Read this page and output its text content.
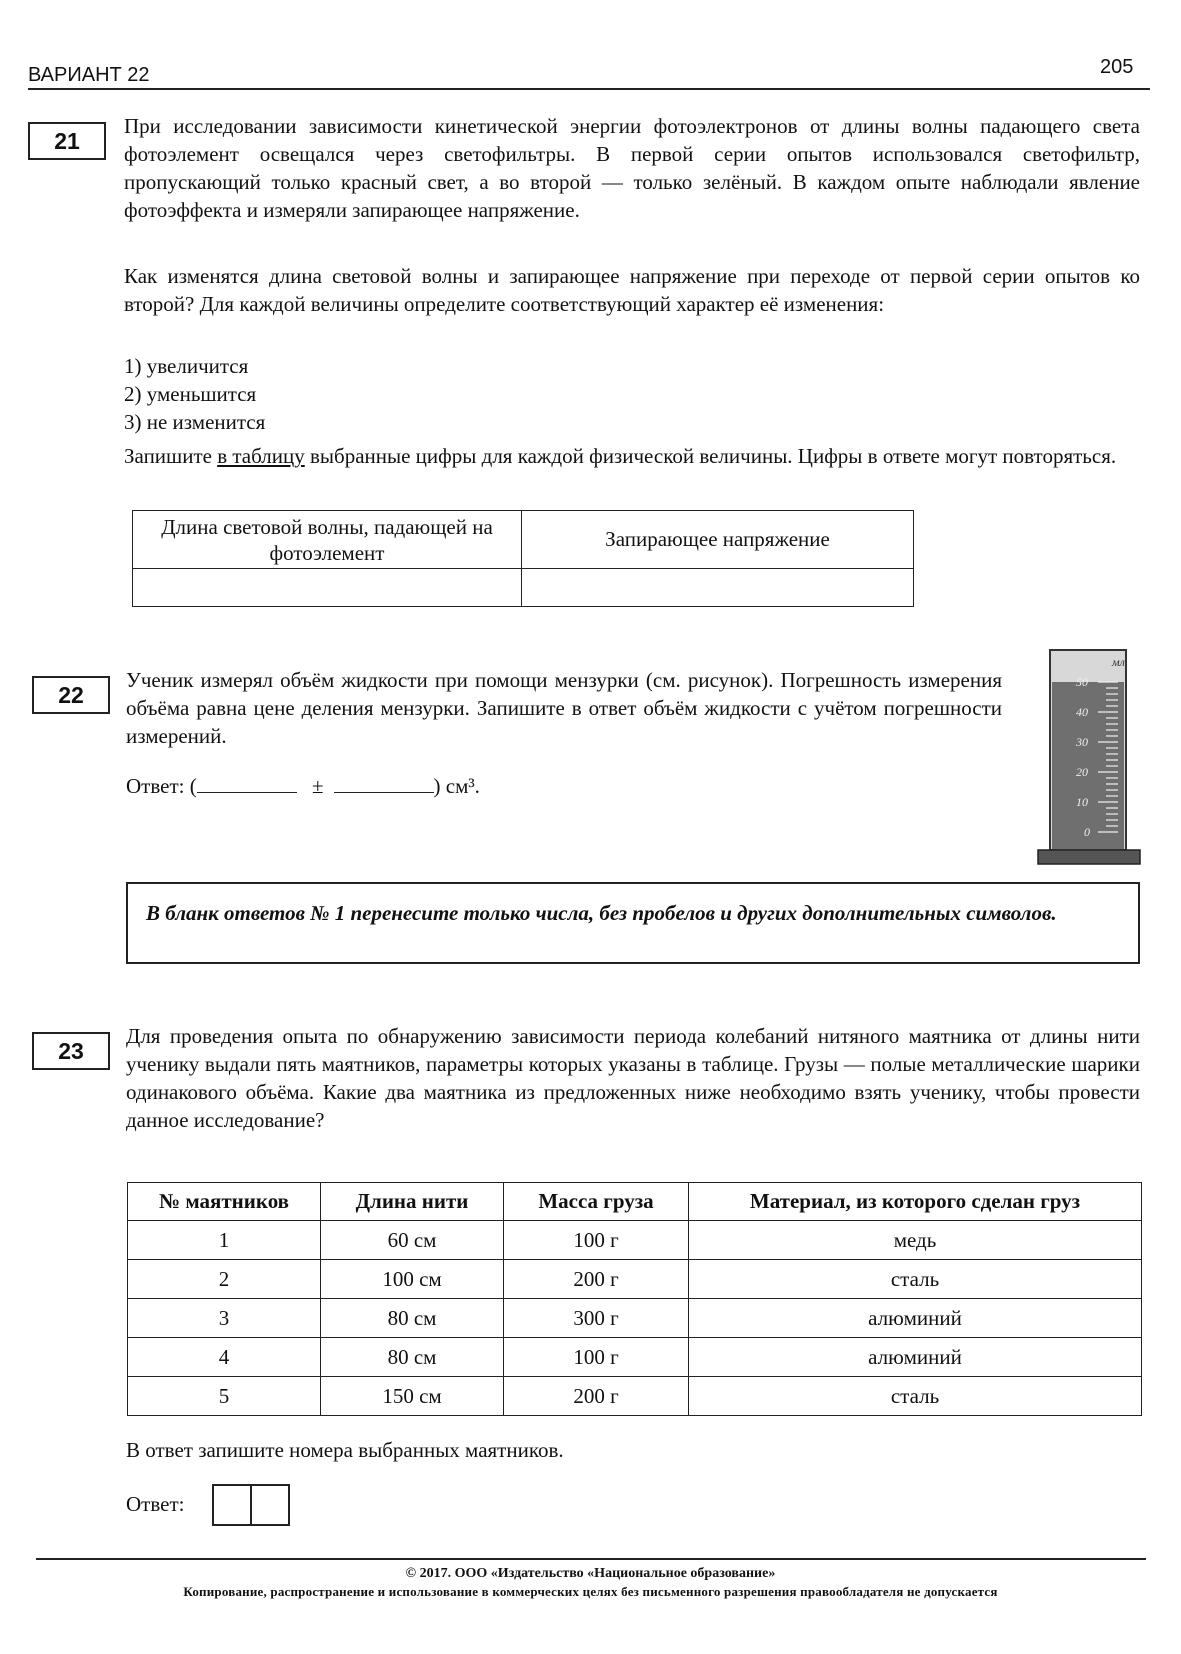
ВАРИАНТ 22	205
21
При исследовании зависимости кинетической энергии фотоэлектронов от длины волны падающего света фотоэлемент освещался через светофильтры. В первой серии опытов использовался светофильтр, пропускающий только красный свет, а во второй — только зелёный. В каждом опыте наблюдали явление фотоэффекта и измеряли запирающее напряжение.
Как изменятся длина световой волны и запирающее напряжение при переходе от первой серии опытов ко второй? Для каждой величины определите соответствующий характер её изменения:
1) увеличится
2) уменьшится
3) не изменится
Запишите в таблицу выбранные цифры для каждой физической величины. Цифры в ответе могут повторяться.
Длина световой волны, падающей на фотоэлемент	Запирающее напряжение

22
Ученик измерял объём жидкости при помощи мензурки (см. рисунок). Погрешность измерения объёма равна цене деления мензурки. Запишите в ответ объём жидкости с учётом погрешности измерений.
Ответ: (	±	) см³.
мл
50
40
30
20
10
0
В бланк ответов № 1 перенесите только числа, без пробелов и других дополнительных символов.
23
Для проведения опыта по обнаружению зависимости периода колебаний нитяного маятника от длины нити ученику выдали пять маятников, параметры которых указаны в таблице. Грузы — полые металлические шарики одинакового объёма. Какие два маятника из предложенных ниже необходимо взять ученику, чтобы провести данное исследование?
№ маятников	Длина нити	Масса груза	Материал, из которого сделан груз
1	60 см	100 г	медь
2	100 см	200 г	сталь
3	80 см	300 г	алюминий
4	80 см	100 г	алюминий
5	150 см	200 г	сталь
В ответ запишите номера выбранных маятников.
Ответ:
© 2017. ООО «Издательство «Национальное образование»
Копирование, распространение и использование в коммерческих целях без письменного разрешения правообладателя не допускается
